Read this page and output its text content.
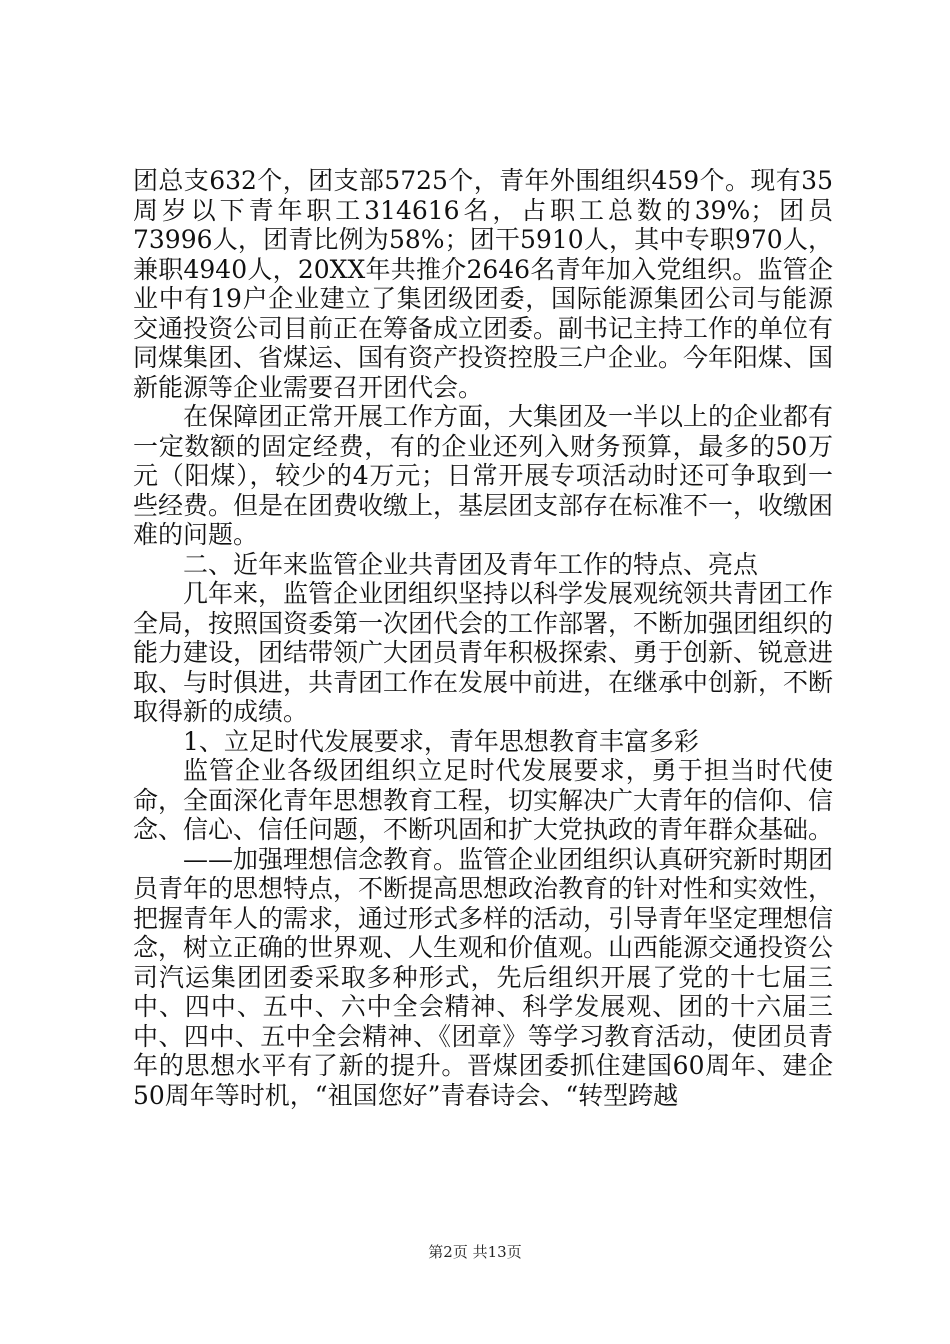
团总支632个，团支部5725个，青年外围组织459个。现有35周岁以下青年职工314616名，占职工总数的39%；团员73996人，团青比例为58%；团干5910人，其中专职970人，兼职4940人，20XX年共推介2646名青年加入党组织。监管企业中有19户企业建立了集团级团委，国际能源集团公司与能源交通投资公司目前正在筹备成立团委。副书记主持工作的单位有同煤集团、省煤运、国有资产投资控股三户企业。今年阳煤、国新能源等企业需要召开团代会。

在保障团正常开展工作方面，大集团及一半以上的企业都有一定数额的固定经费，有的企业还列入财务预算，最多的50万元（阳煤），较少的4万元；日常开展专项活动时还可争取到一些经费。但是在团费收缴上，基层团支部存在标准不一，收缴困难的问题。

二、近年来监管企业共青团及青年工作的特点、亮点

几年来，监管企业团组织坚持以科学发展观统领共青团工作全局，按照国资委第一次团代会的工作部署，不断加强团组织的能力建设，团结带领广大团员青年积极探索、勇于创新、锐意进取、与时俱进，共青团工作在发展中前进，在继承中创新，不断取得新的成绩。

1、立足时代发展要求，青年思想教育丰富多彩

监管企业各级团组织立足时代发展要求，勇于担当时代使命，全面深化青年思想教育工程，切实解决广大青年的信仰、信念、信心、信任问题，不断巩固和扩大党执政的青年群众基础。

——加强理想信念教育。监管企业团组织认真研究新时期团员青年的思想特点，不断提高思想政治教育的针对性和实效性，把握青年人的需求，通过形式多样的活动，引导青年坚定理想信念，树立正确的世界观、人生观和价值观。山西能源交通投资公司汽运集团团委采取多种形式，先后组织开展了党的十七届三中、四中、五中、六中全会精神、科学发展观、团的十六届三中、四中、五中全会精神、《团章》等学习教育活动，使团员青年的思想水平有了新的提升。晋煤团委抓住建国60周年、建企50周年等时机，“祖国您好”青春诗会、“转型跨越

第2页 共13页
